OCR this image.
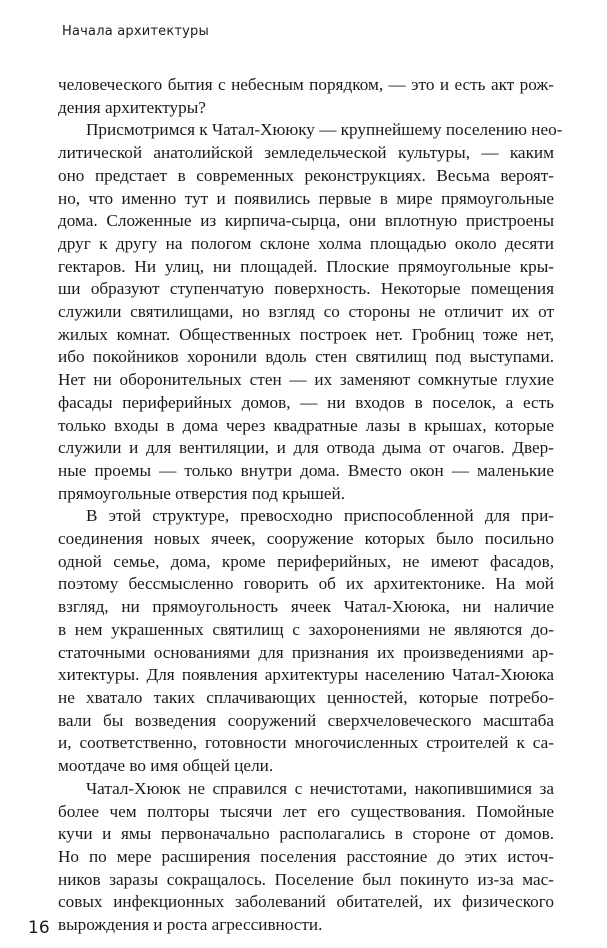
Начала архитектуры
человеческого бытия с небесным порядком, — это и есть акт рож-
дения архитектуры?
Присмотримся к Чатал-Хююку — крупнейшему поселению нео-
литической анатолийской земледельческой культуры, — каким
оно предстает в современных реконструкциях. Весьма вероят-
но, что именно тут и появились первые в мире прямоугольные
дома. Сложенные из кирпича-сырца, они вплотную пристроены
друг к другу на пологом склоне холма площадью около десяти
гектаров. Ни улиц, ни площадей. Плоские прямоугольные кры-
ши образуют ступенчатую поверхность. Некоторые помещения
служили святилищами, но взгляд со стороны не отличит их от
жилых комнат. Общественных построек нет. Гробниц тоже нет,
ибо покойников хоронили вдоль стен святилищ под выступами.
Нет ни оборонительных стен — их заменяют сомкнутые глухие
фасады периферийных домов, — ни входов в поселок, а есть
только входы в дома через квадратные лазы в крышах, которые
служили и для вентиляции, и для отвода дыма от очагов. Двер-
ные проемы — только внутри дома. Вместо окон — маленькие
прямоугольные отверстия под крышей.
В этой структуре, превосходно приспособленной для при-
соединения новых ячеек, сооружение которых было посильно
одной семье, дома, кроме периферийных, не имеют фасадов,
поэтому бессмысленно говорить об их архитектонике. На мой
взгляд, ни прямоугольность ячеек Чатал-Хююка, ни наличие
в нем украшенных святилищ с захоронениями не являются до-
статочными основаниями для признания их произведениями ар-
хитектуры. Для появления архитектуры населению Чатал-Хююка
не хватало таких сплачивающих ценностей, которые потребо-
вали бы возведения сооружений сверхчеловеческого масштаба
и, соответственно, готовности многочисленных строителей к са-
моотдаче во имя общей цели.
Чатал-Хююк не справился с нечистотами, накопившимися за
более чем полторы тысячи лет его существования. Помойные
кучи и ямы первоначально располагались в стороне от домов.
Но по мере расширения поселения расстояние до этих источ-
ников заразы сокращалось. Поселение был покинуто из-за мас-
совых инфекционных заболеваний обитателей, их физического
вырождения и роста агрессивности.
16
